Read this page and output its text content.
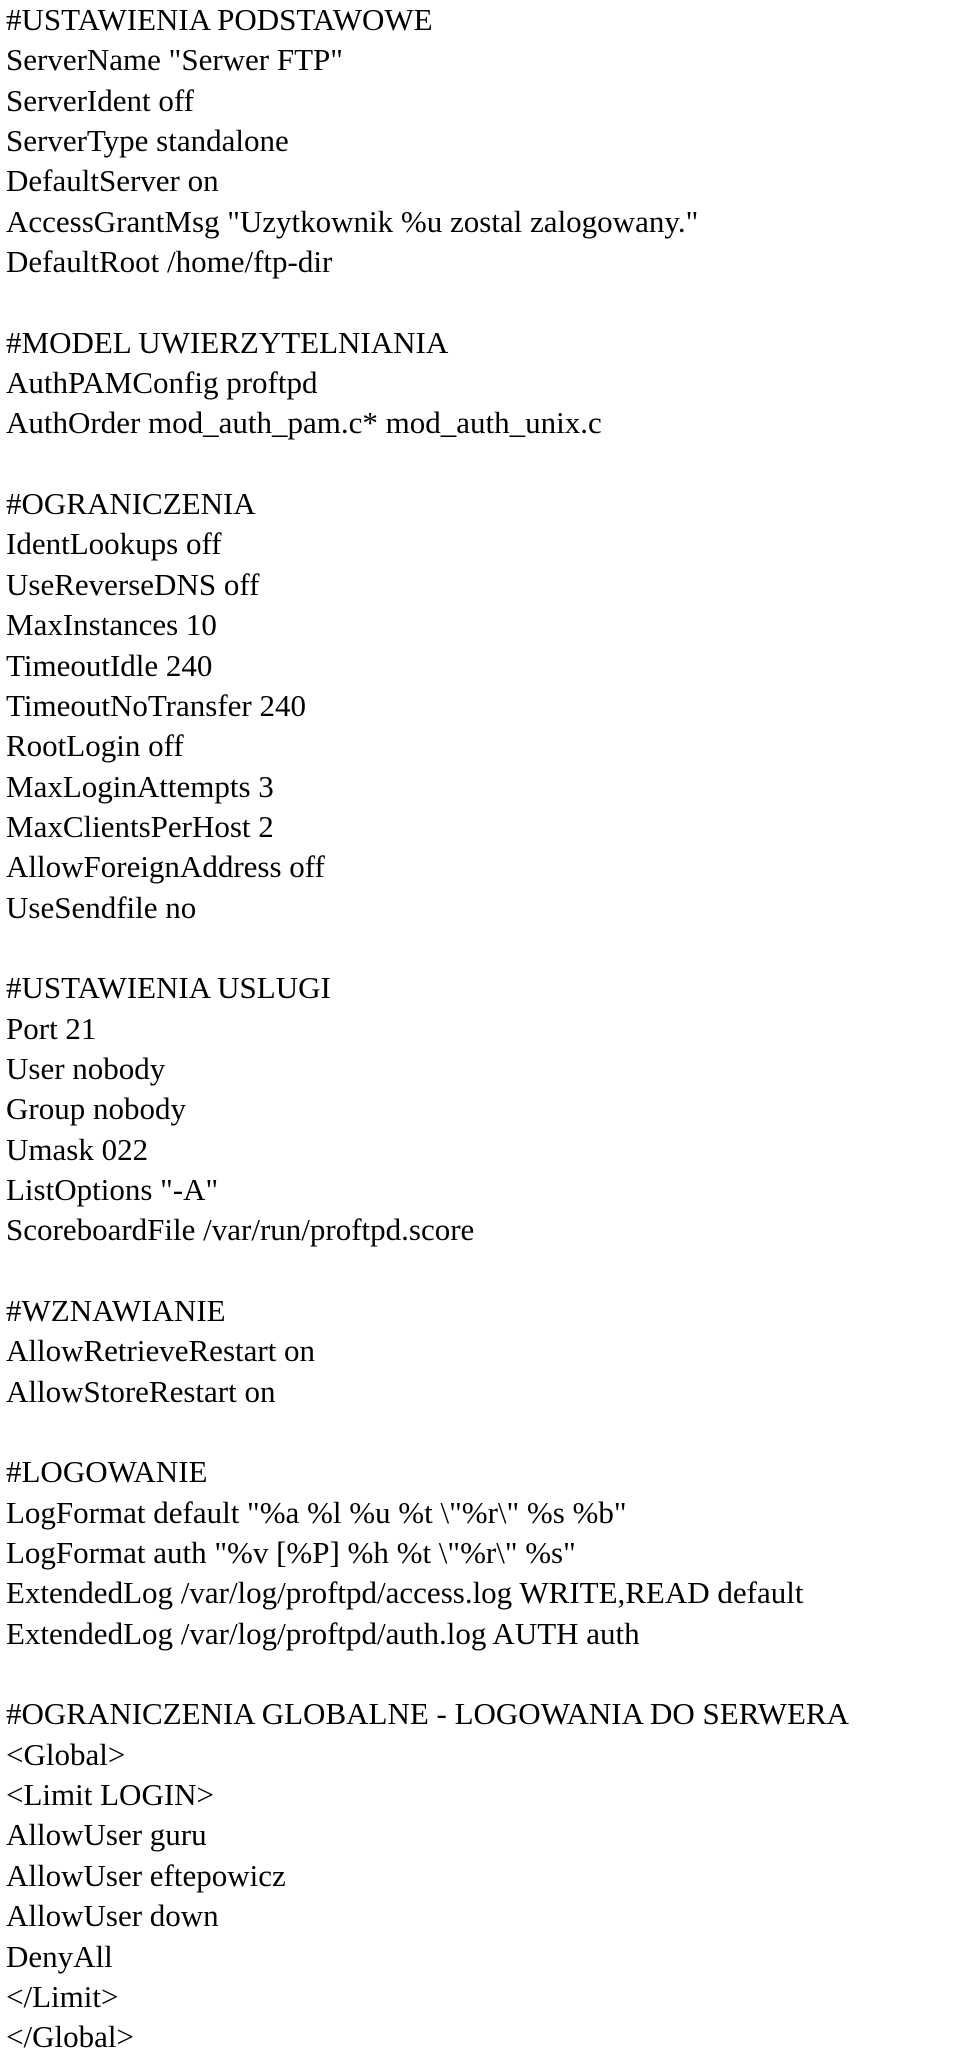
#USTAWIENIA PODSTAWOWE
ServerName "Serwer FTP"
ServerIdent off
ServerType standalone
DefaultServer on
AccessGrantMsg "Uzytkownik %u zostal zalogowany."
DefaultRoot /home/ftp-dir
#MODEL UWIERZYTELNIANIA
AuthPAMConfig proftpd
AuthOrder mod_auth_pam.c* mod_auth_unix.c
#OGRANICZENIA
IdentLookups off
UseReverseDNS off
MaxInstances 10
TimeoutIdle 240
TimeoutNoTransfer 240
RootLogin off
MaxLoginAttempts 3
MaxClientsPerHost 2
AllowForeignAddress off
UseSendfile no
#USTAWIENIA USLUGI
Port 21
User nobody
Group nobody
Umask 022
ListOptions "-A"
ScoreboardFile /var/run/proftpd.score
#WZNAWIANIE
AllowRetrieveRestart on
AllowStoreRestart on
#LOGOWANIE
LogFormat default "%a %l %u %t \"%r\" %s %b"
LogFormat auth "%v [%P] %h %t \"%r\" %s"
ExtendedLog /var/log/proftpd/access.log WRITE,READ default
ExtendedLog /var/log/proftpd/auth.log AUTH auth
#OGRANICZENIA GLOBALNE - LOGOWANIA DO SERWERA
<Global>
<Limit LOGIN>
AllowUser guru
AllowUser eftepowicz
AllowUser down
DenyAll
</Limit>
</Global>
